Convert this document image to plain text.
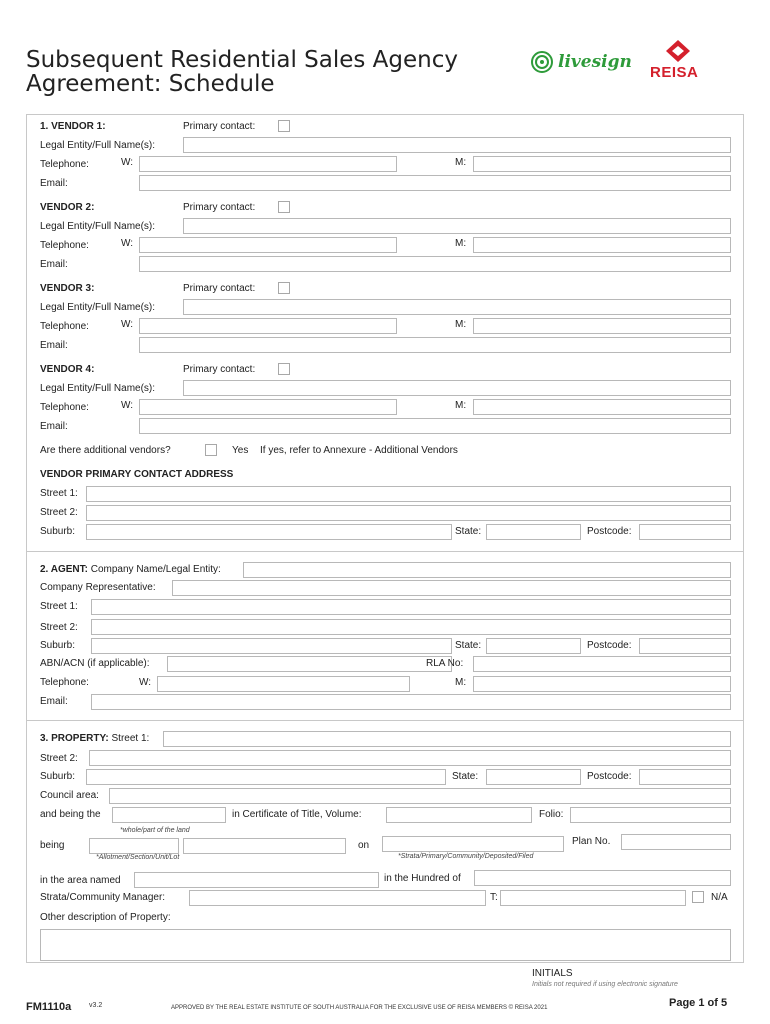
Subsequent Residential Sales Agency
Agreement: Schedule
livesign
REISA
1. VENDOR 1:	Primary contact:
Legal Entity/Full Name(s):
Telephone:	W:	M:
Email:
VENDOR 2:	Primary contact:
Legal Entity/Full Name(s):
Telephone:	W:	M:
Email:
VENDOR 3:	Primary contact:
Legal Entity/Full Name(s):
Telephone:	W:	M:
Email:
VENDOR 4:	Primary contact:
Legal Entity/Full Name(s):
Telephone:	W:	M:
Email:
Are there additional vendors?	Yes If yes, refer to Annexure - Additional Vendors
VENDOR PRIMARY CONTACT ADDRESS
Street 1:
Street 2:
Suburb:	State:	Postcode:
2. AGENT: Company Name/Legal Entity:
Company Representative:
Street 1:
Street 2:
Suburb:	State:	Postcode:
ABN/ACN (if applicable):	RLA No:
Telephone:	W:	M:
Email:
3. PROPERTY: Street 1:
Street 2:
Suburb:	State:	Postcode:
Council area:
and being the	in Certificate of Title, Volume:	Folio:
*whole/part of the land
being	on	Plan No.
*Allotment/Section/Unit/Lot	*Strata/Primary/Community/Deposited/Filed
in the area named	in the Hundred of
Strata/Community Manager:	T:	N/A
Other description of Property:
INITIALS
Initials not required if using electronic signature
FM1110a	v3.2	APPROVED BY THE REAL ESTATE INSTITUTE OF SOUTH AUSTRALIA FOR THE EXCLUSIVE USE OF REISA MEMBERS © REISA 2021	Page 1 of 5
